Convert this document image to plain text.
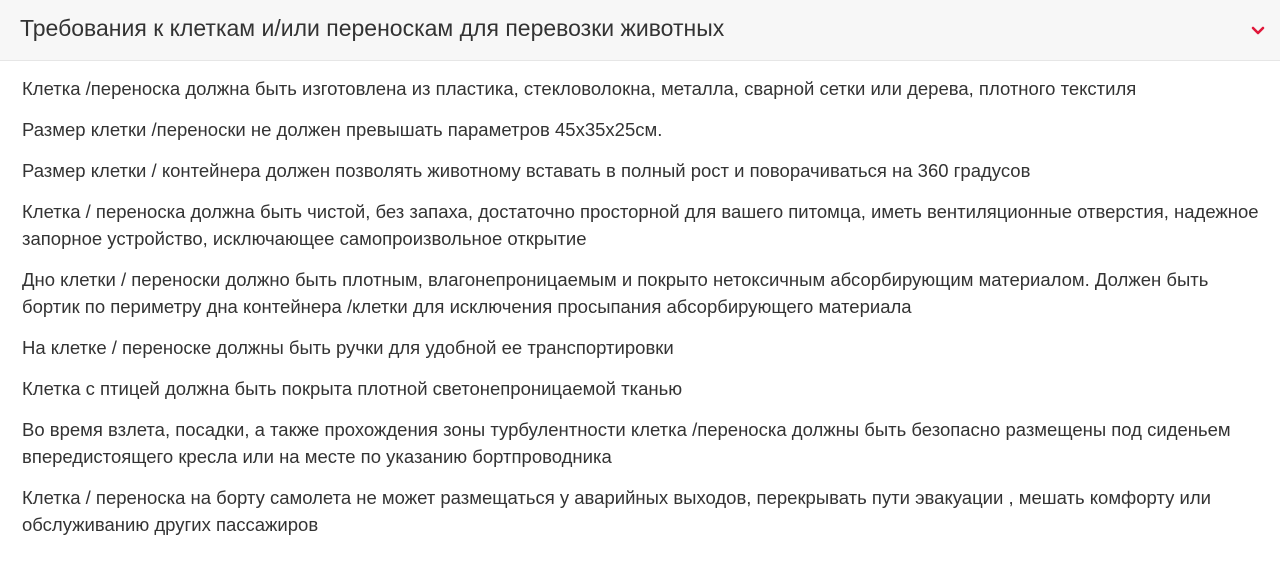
Требования к клеткам и/или переноскам для перевозки животных

Клетка /переноска должна быть изготовлена из пластика, стекловолокна, металла, сварной сетки или дерева, плотного текстиля

Размер клетки /переноски не должен превышать параметров 45х35х25см.

Размер клетки / контейнера должен позволять животному вставать в полный рост и поворачиваться на 360 градусов

Клетка / переноска должна быть чистой, без запаха, достаточно просторной для вашего питомца, иметь вентиляционные отверстия, надежное запорное устройство, исключающее самопроизвольное открытие

Дно клетки / переноски должно быть плотным, влагонепроницаемым и покрыто нетоксичным абсорбирующим материалом. Должен быть бортик по периметру дна контейнера /клетки для исключения просыпания абсорбирующего материала

На клетке / переноске должны быть ручки для удобной ее транспортировки

Клетка с птицей должна быть покрыта плотной светонепроницаемой тканью

Во время взлета, посадки, а также прохождения зоны турбулентности клетка /переноска должны быть безопасно размещены под сиденьем впередистоящего кресла или на месте по указанию бортпроводника

Клетка / переноска на борту самолета не может размещаться у аварийных выходов, перекрывать пути эвакуации , мешать комфорту или обслуживанию других пассажиров
